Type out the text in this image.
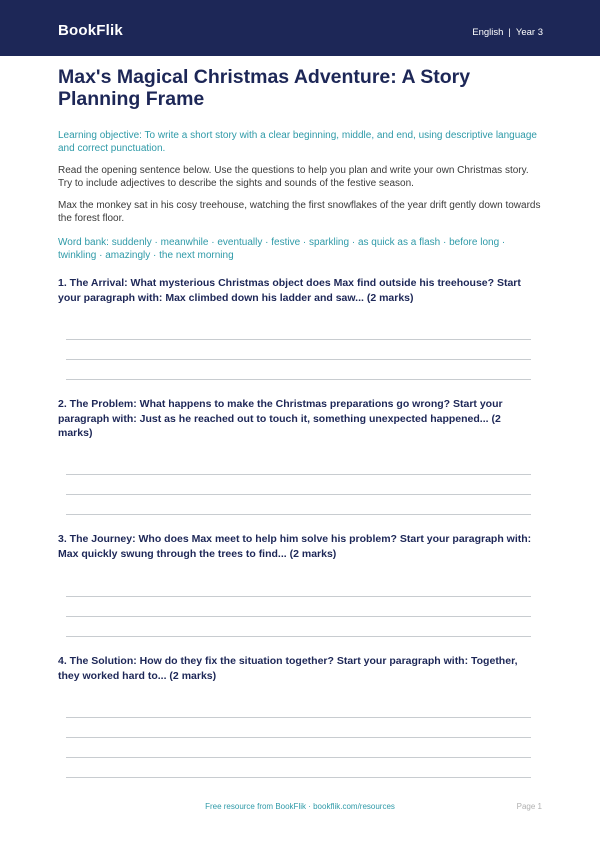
BookFlik	English | Year 3
Max's Magical Christmas Adventure: A Story Planning Frame

Learning objective: To write a short story with a clear beginning, middle, and end, using descriptive language and correct punctuation.

Read the opening sentence below. Use the questions to help you plan and write your own Christmas story. Try to include adjectives to describe the sights and sounds of the festive season.

Max the monkey sat in his cosy treehouse, watching the first snowflakes of the year drift gently down towards the forest floor.

Word bank: suddenly · meanwhile · eventually · festive · sparkling · as quick as a flash · before long · twinkling · amazingly · the next morning

1. The Arrival: What mysterious Christmas object does Max find outside his treehouse? Start your paragraph with: Max climbed down his ladder and saw... (2 marks)
2. The Problem: What happens to make the Christmas preparations go wrong? Start your paragraph with: Just as he reached out to touch it, something unexpected happened... (2 marks)
3. The Journey: Who does Max meet to help him solve his problem? Start your paragraph with: Max quickly swung through the trees to find... (2 marks)
4. The Solution: How do they fix the situation together? Start your paragraph with: Together, they worked hard to... (2 marks)
Free resource from BookFlik · bookflik.com/resources	Page 1
